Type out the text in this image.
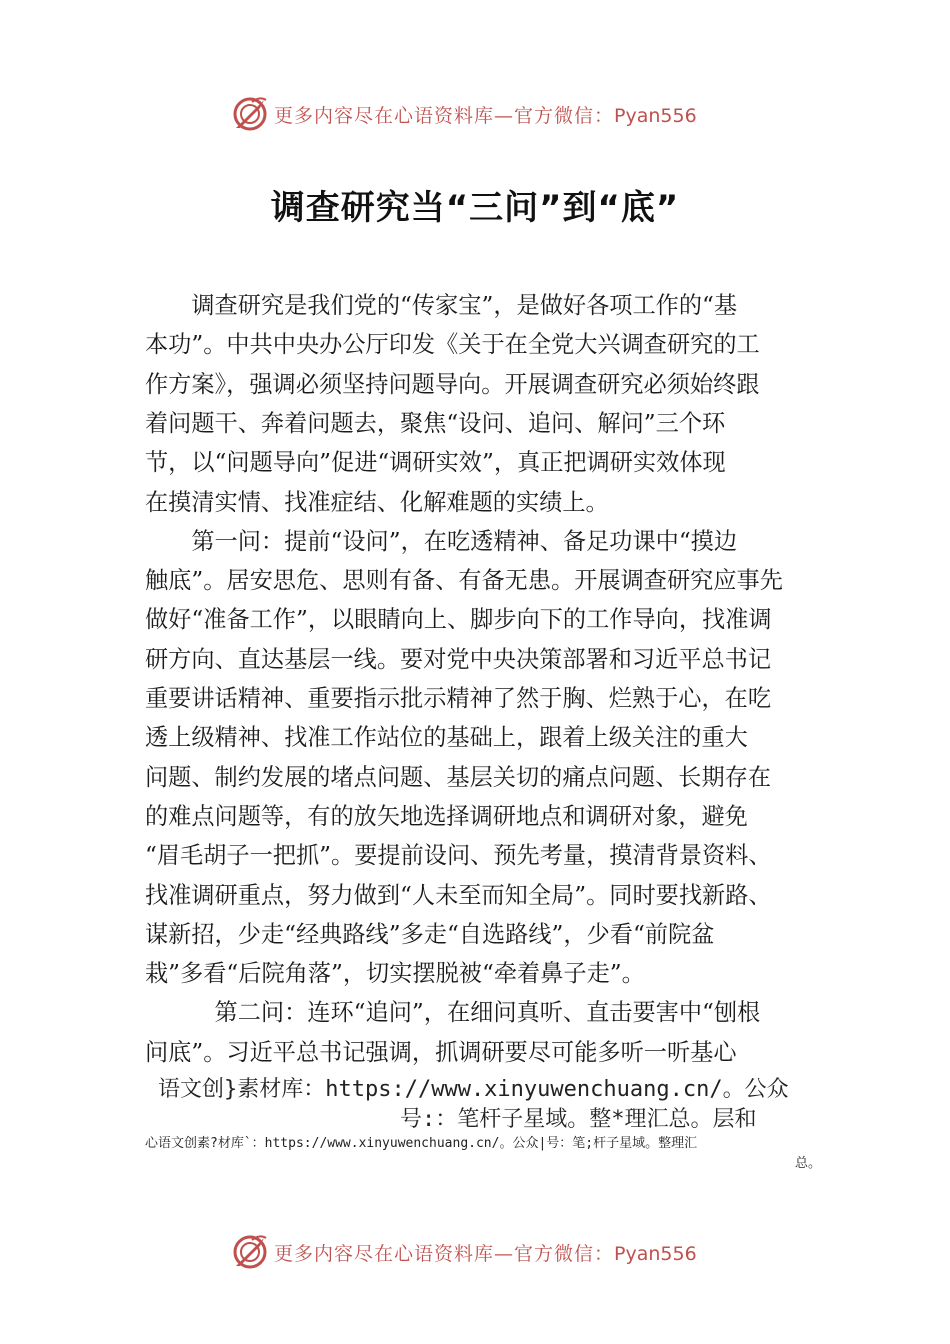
更多内容尽在心语资料库—官方微信：Pyan556
调查研究当“三问”到“底”
　　调查研究是我们党的“传家宝”，是做好各项工作的“基
本功”。中共中央办公厅印发《关于在全党大兴调查研究的工
作方案》，强调必须坚持问题导向。开展调查研究必须始终跟
着问题干、奔着问题去，聚焦“设问、追问、解问”三个环
节，以“问题导向”促进“调研实效”，真正把调研实效体现
在摸清实情、找准症结、化解难题的实绩上。
　　第一问：提前“设问”，在吃透精神、备足功课中“摸边
触底”。居安思危、思则有备、有备无患。开展调查研究应事先
做好“准备工作”，以眼睛向上、脚步向下的工作导向，找准调
研方向、直达基层一线。要对党中央决策部署和习近平总书记
重要讲话精神、重要指示批示精神了然于胸、烂熟于心，在吃
透上级精神、找准工作站位的基础上，跟着上级关注的重大
问题、制约发展的堵点问题、基层关切的痛点问题、长期存在
的难点问题等，有的放矢地选择调研地点和调研对象，避免
“眉毛胡子一把抓”。要提前设问、预先考量，摸清背景资料、
找准调研重点，努力做到“人未至而知全局”。同时要找新路、
谋新招，少走“经典路线”多走“自选路线”，少看“前院盆
栽”多看“后院角落”，切实摆脱被“牵着鼻子走”。
　　　第二问：连环“追问”，在细问真听、直击要害中“刨根
问底”。习近平总书记强调，抓调研要尽可能多听一听基心
语文创}素材库：https://www.xinyuwenchuang.cn/。公众
号:：笔杆子星域。整*理汇总。层和
心语文创素?材库`：https://www.xinyuwenchuang.cn/。公众|号：笔;杆子星域。整理汇
总。
更多内容尽在心语资料库—官方微信：Pyan556
